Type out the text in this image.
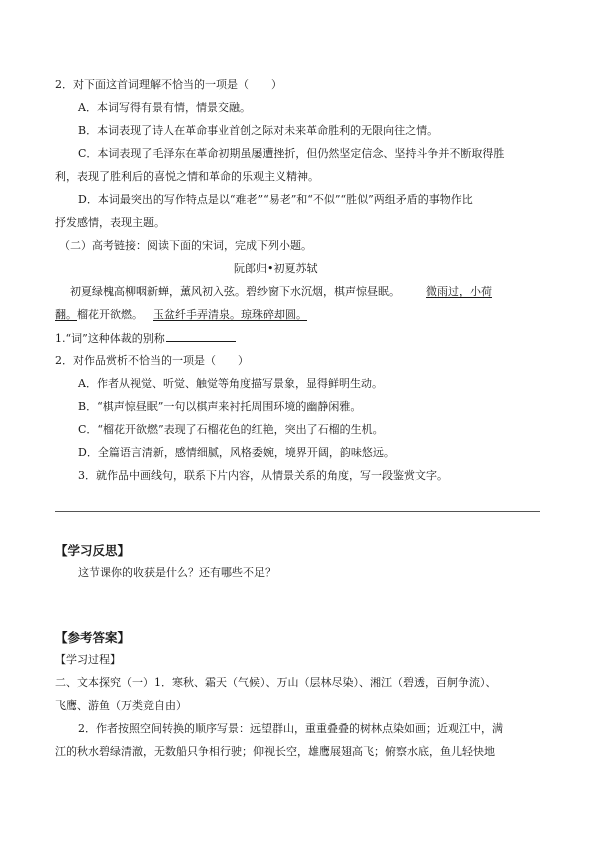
2．对下面这首词理解不恰当的一项是（　　）
A．本词写得有景有情，情景交融。
B．本词表现了诗人在革命事业首创之际对未来革命胜利的无限向往之情。
C．本词表现了毛泽东在革命初期虽屡遭挫折，但仍然坚定信念、坚持斗争并不断取得胜
利，表现了胜利后的喜悦之情和革命的乐观主义精神。
D．本词最突出的写作特点是以“难老”“易老”和“不似”“胜似”两组矛盾的事物作比
抒发感情，表现主题。
（二）高考链接：阅读下面的宋词，完成下列小题。
阮郎归•初夏苏轼
初夏绿槐高柳咽新蝉，薰风初入弦。碧纱窗下水沉烟，棋声惊昼眠。 微雨过，小荷
翻。榴花开欲燃。 玉盆纤手弄清泉。琼珠碎却圆。
1.“词”这种体裁的别称
2．对作品赏析不恰当的一项是（　　）
A．作者从视觉、听觉、触觉等角度描写景象，显得鲜明生动。
B．“棋声惊昼眠”一句以棋声来衬托周围环境的幽静闲雅。
C．“榴花开欲燃”表现了石榴花色的红艳，突出了石榴的生机。
D．全篇语言清新，感情细腻，风格委婉，境界开阔，韵味悠远。
3．就作品中画线句，联系下片内容，从情景关系的角度，写一段鉴赏文字。
【学习反思】
这节课你的收获是什么？还有哪些不足？
【参考答案】
【学习过程】
二、文本探究（一）1．寒秋、霜天（气候）、万山（层林尽染）、湘江（碧透，百舸争流）、
飞鹰、游鱼（万类竞自由）
2．作者按照空间转换的顺序写景：远望群山，重重叠叠的树林点染如画；近观江中，满
江的秋水碧绿清澈，无数船只争相行驶；仰视长空，雄鹰展翅高飞；俯察水底，鱼儿轻快地
